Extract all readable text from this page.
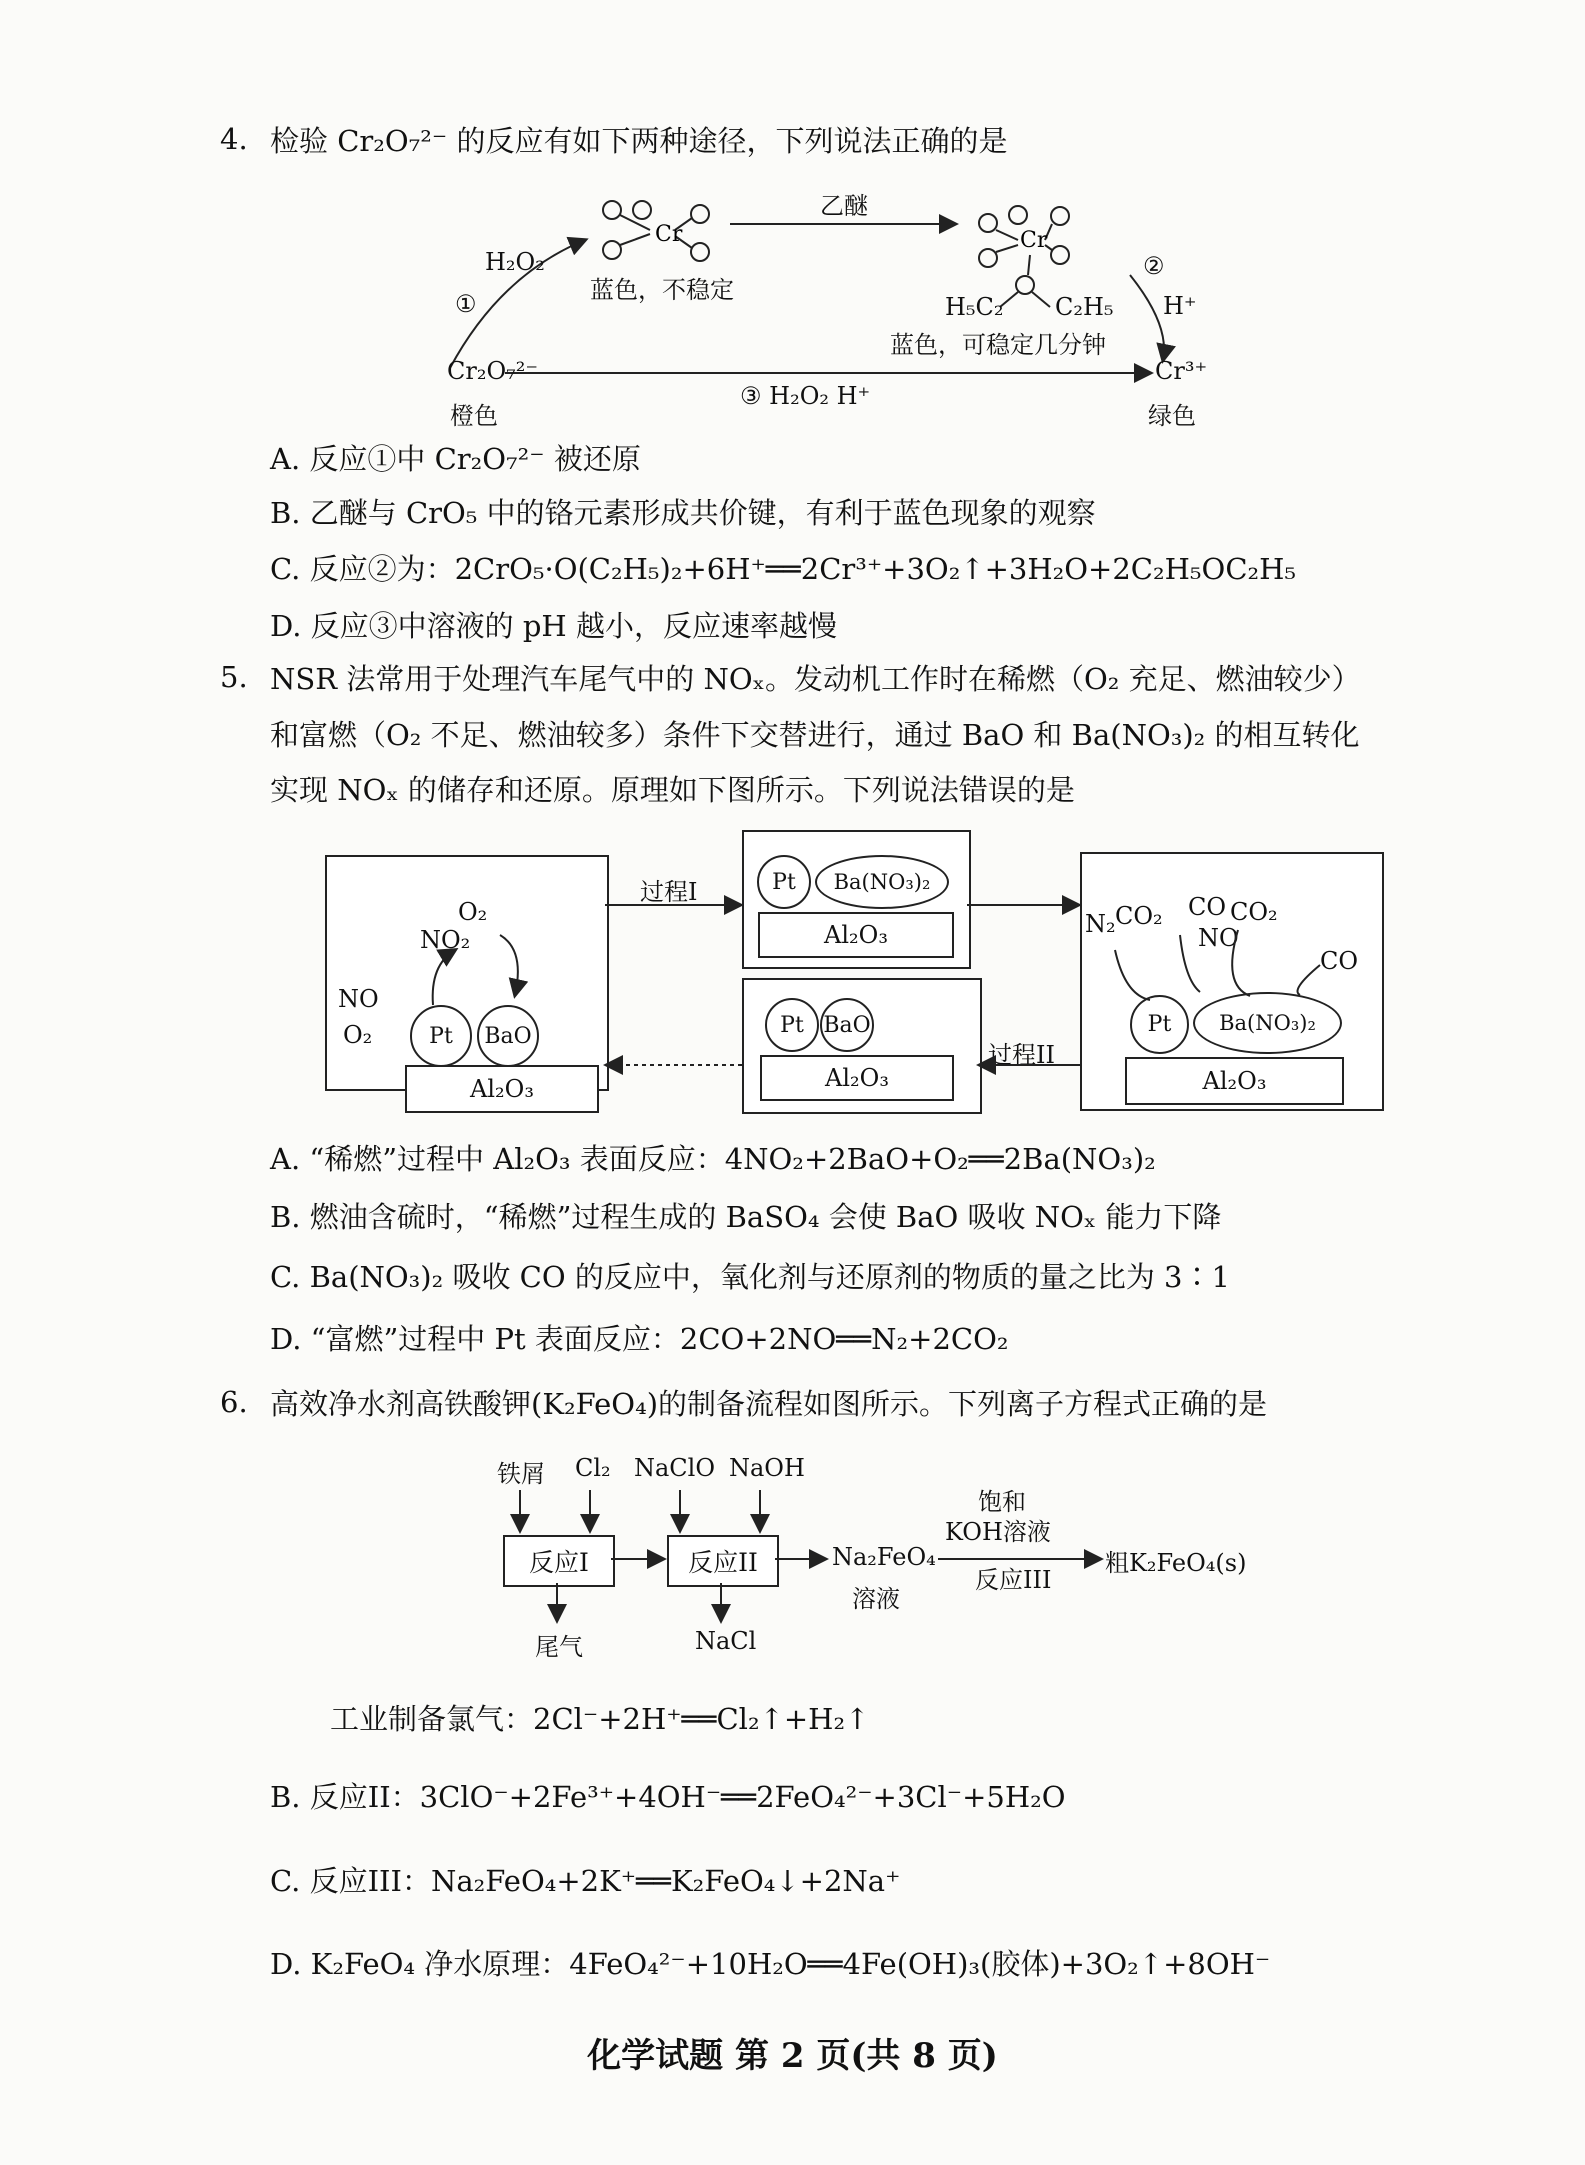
4. 检验 Cr₂O₇²⁻ 的反应有如下两种途径，下列说法正确的是
Cr	Cr
乙醚
H₂O₂
①	蓝色，不稳定
蓝色，可稳定几分钟
Cr₂O₇²⁻
橙色
③ H₂O₂ H⁺
Cr³⁺
绿色
②
H⁺
H₅C₂ C₂H₅
A. 反应①中 Cr₂O₇²⁻ 被还原
B. 乙醚与 CrO₅ 中的铬元素形成共价键，有利于蓝色现象的观察
C. 反应②为：2CrO₅·O(C₂H₅)₂+6H⁺══2Cr³⁺+3O₂↑+3H₂O+2C₂H₅OC₂H₅
D. 反应③中溶液的 pH 越小，反应速率越慢
5. NSR 法常用于处理汽车尾气中的 NOₓ。发动机工作时在稀燃（O₂ 充足、燃油较少）
和富燃（O₂ 不足、燃油较多）条件下交替进行，通过 BaO 和 Ba(NO₃)₂ 的相互转化
实现 NOₓ 的储存和还原。原理如下图所示。下列说法错误的是
Pt	BaO
Al₂O₃
O₂
NO₂
NO
O₂
Pt	Ba(NO₃)₂
Al₂O₃
Pt BaO
Al₂O₃
Pt	Ba(NO₃)₂
Al₂O₃
N₂ CO₂ CO CO₂
NO
CO
过程I
过程II
A. “稀燃”过程中 Al₂O₃ 表面反应：4NO₂+2BaO+O₂══2Ba(NO₃)₂
B. 燃油含硫时，“稀燃”过程生成的 BaSO₄ 会使 BaO 吸收 NOₓ 能力下降
C. Ba(NO₃)₂ 吸收 CO 的反应中，氧化剂与还原剂的物质的量之比为 3∶1
D. “富燃”过程中 Pt 表面反应：2CO+2NO══N₂+2CO₂
6. 高效净水剂高铁酸钾(K₂FeO₄)的制备流程如图所示。下列离子方程式正确的是
铁屑 Cl₂ NaClO NaOH
反应I	反应II
尾气	NaCl
Na₂FeO₄
溶液
饱和
KOH溶液
反应III
粗K₂FeO₄(s)
工业制备氯气：2Cl⁻+2H⁺══Cl₂↑+H₂↑
B. 反应II：3ClO⁻+2Fe³⁺+4OH⁻══2FeO₄²⁻+3Cl⁻+5H₂O
C. 反应III：Na₂FeO₄+2K⁺══K₂FeO₄↓+2Na⁺
D. K₂FeO₄ 净水原理：4FeO₄²⁻+10H₂O══4Fe(OH)₃(胶体)+3O₂↑+8OH⁻
化学试题 第 2 页(共 8 页)
